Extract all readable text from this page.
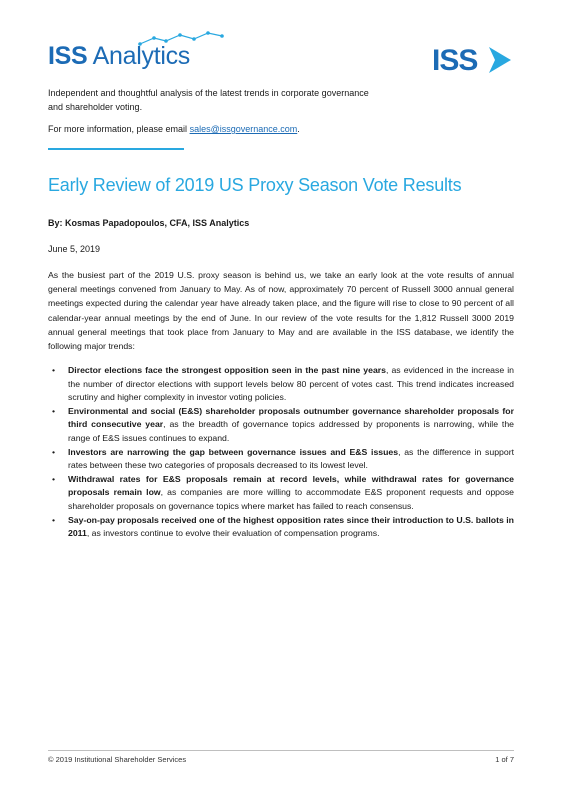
ISS Analytics	ISS
Independent and thoughtful analysis of the latest trends in corporate governance and shareholder voting.
For more information, please email sales@issgovernance.com.
Early Review of 2019 US Proxy Season Vote Results
By: Kosmas Papadopoulos, CFA, ISS Analytics
June 5, 2019
As the busiest part of the 2019 U.S. proxy season is behind us, we take an early look at the vote results of annual general meetings convened from January to May. As of now, approximately 70 percent of Russell 3000 annual general meetings expected during the calendar year have already taken place, and the figure will rise to close to 90 percent of all calendar-year annual meetings by the end of June. In our review of the vote results for the 1,812 Russell 3000 2019 annual general meetings that took place from January to May and are available in the ISS database, we identify the following major trends:
• Director elections face the strongest opposition seen in the past nine years, as evidenced in the increase in the number of director elections with support levels below 80 percent of votes cast. This trend indicates increased scrutiny and higher complexity in investor voting policies.
• Environmental and social (E&S) shareholder proposals outnumber governance shareholder proposals for third consecutive year, as the breadth of governance topics addressed by proponents is narrowing, while the range of E&S issues continues to expand.
• Investors are narrowing the gap between governance issues and E&S issues, as the difference in support rates between these two categories of proposals decreased to its lowest level.
• Withdrawal rates for E&S proposals remain at record levels, while withdrawal rates for governance proposals remain low, as companies are more willing to accommodate E&S proponent requests and oppose shareholder proposals on governance topics where market has failed to reach consensus.
• Say-on-pay proposals received one of the highest opposition rates since their introduction to U.S. ballots in 2011, as investors continue to evolve their evaluation of compensation programs.
© 2019 Institutional Shareholder Services	1 of 7
